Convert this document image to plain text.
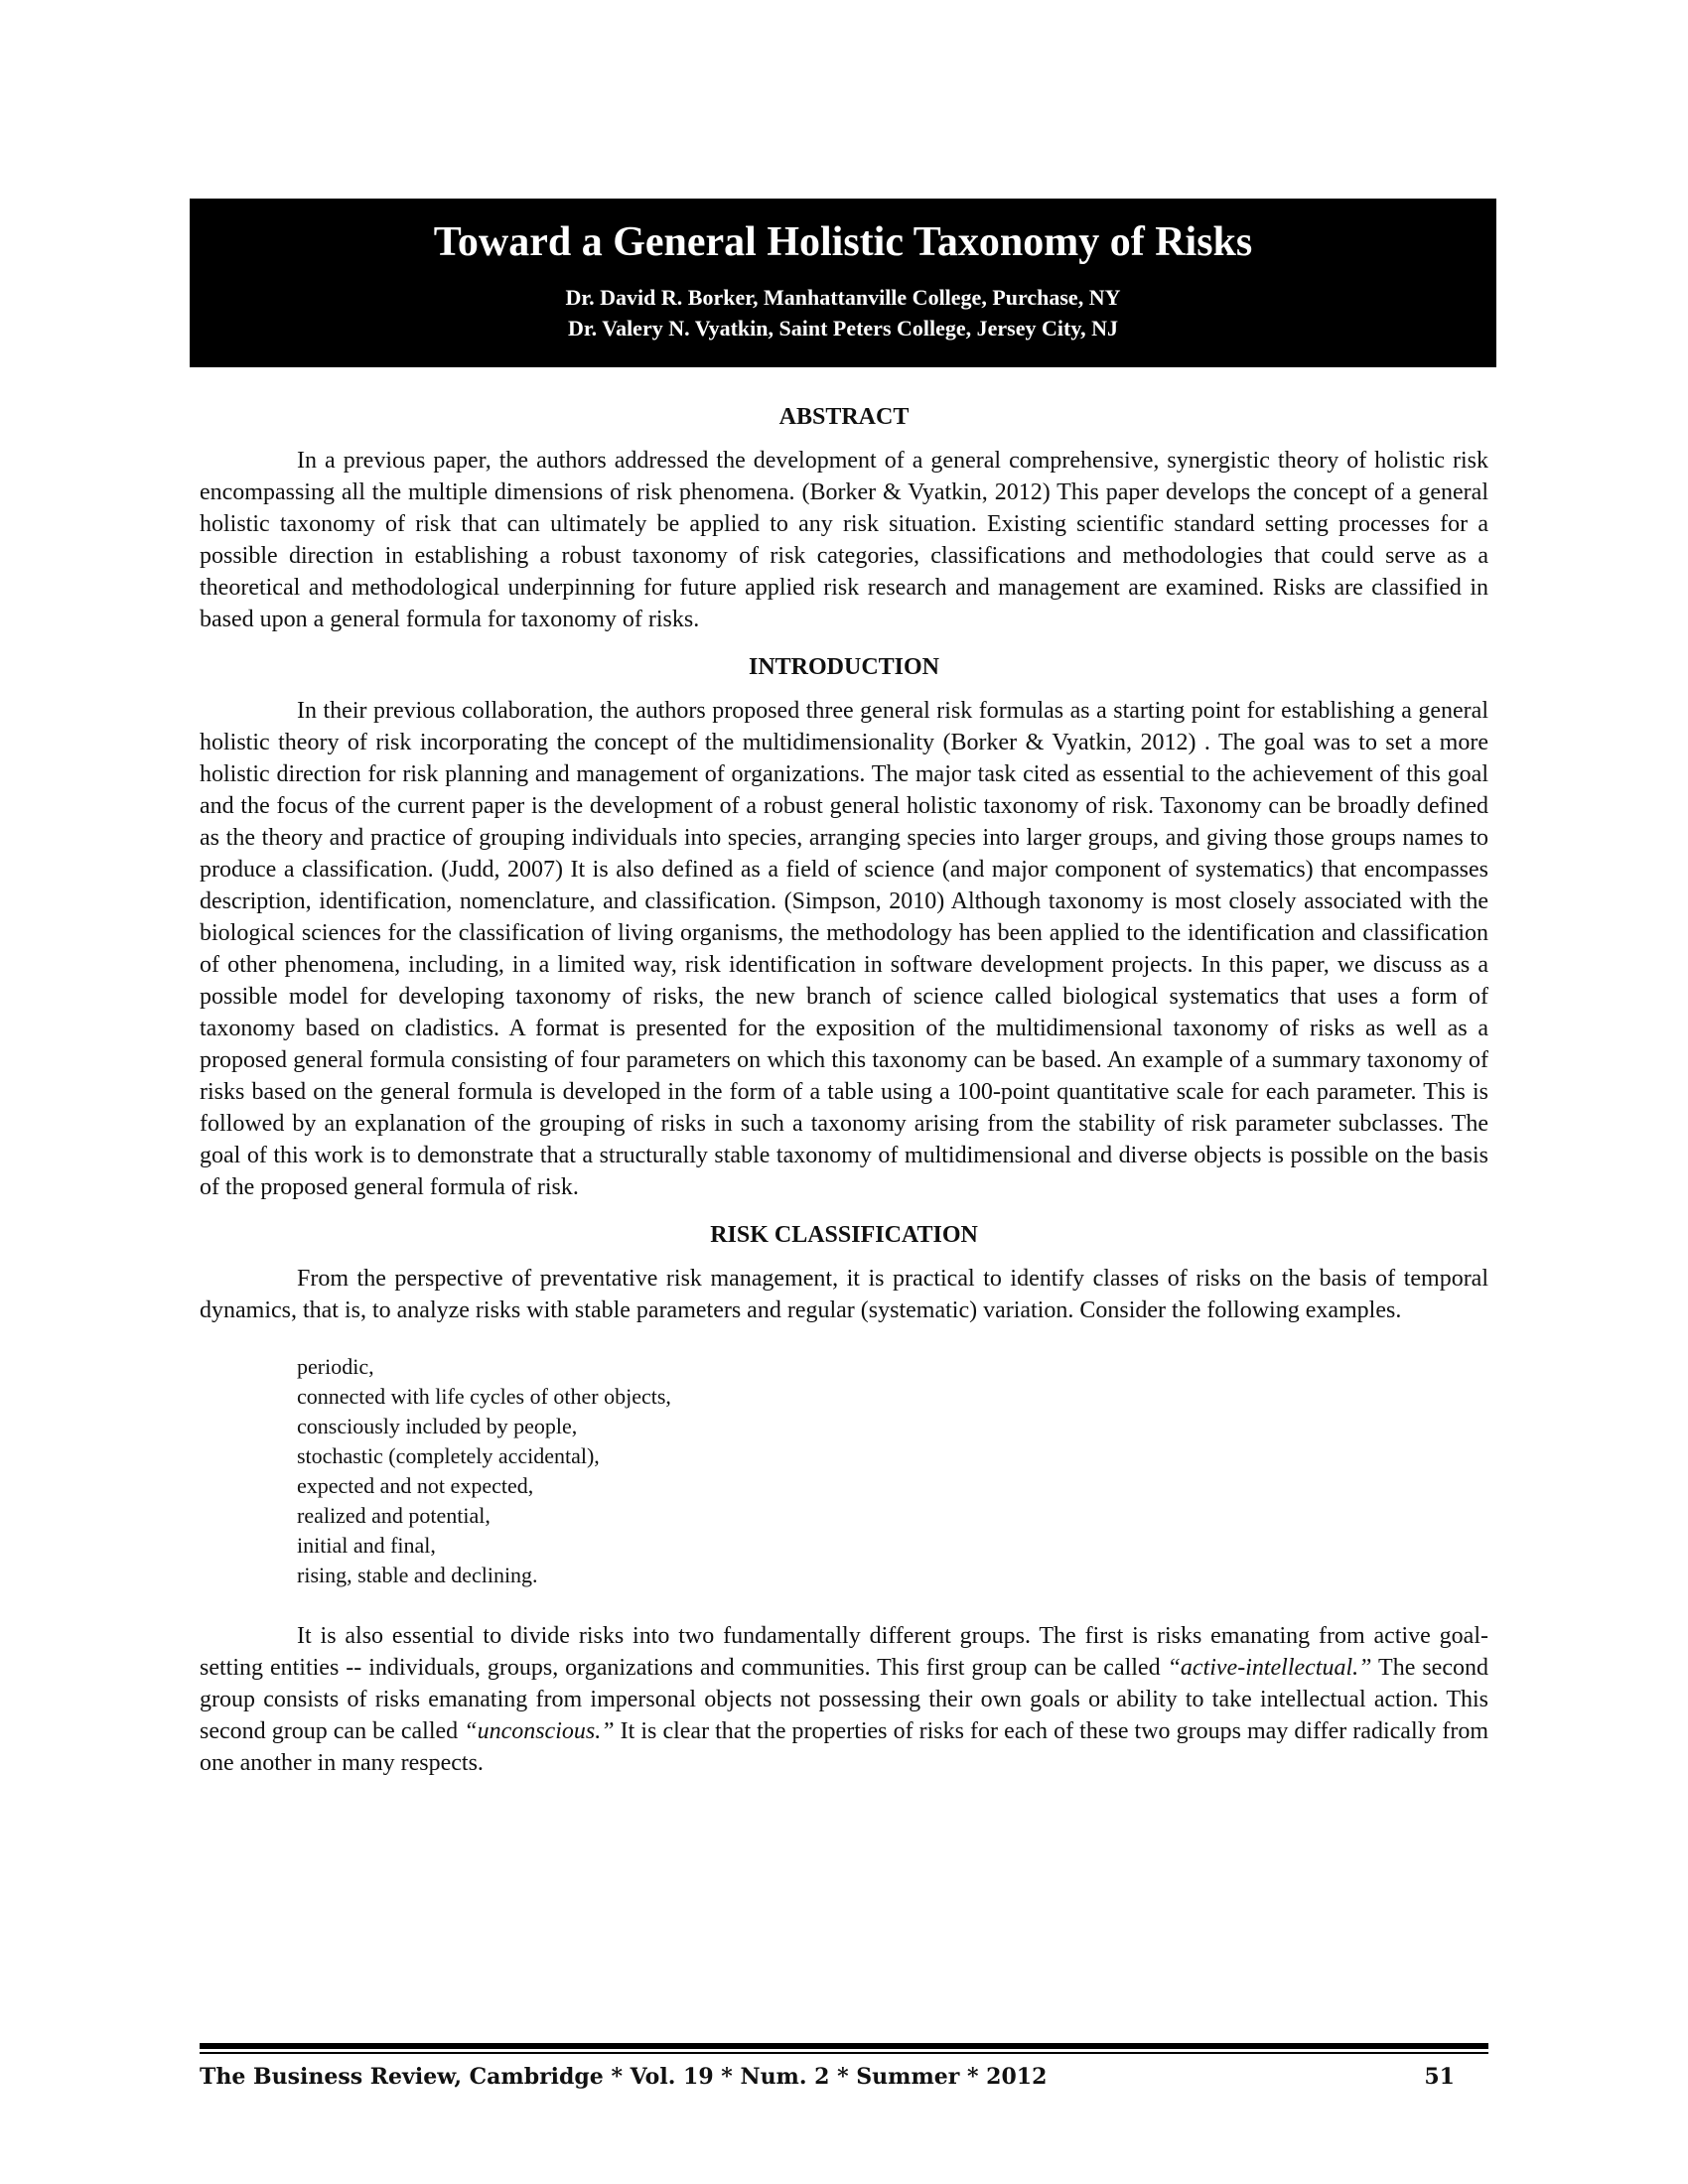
Toward a General Holistic Taxonomy of Risks

Dr. David R. Borker, Manhattanville College, Purchase, NY

Dr. Valery N. Vyatkin, Saint Peters College, Jersey City, NJ

ABSTRACT

In a previous paper, the authors addressed the development of a general comprehensive, synergistic theory of holistic risk encompassing all the multiple dimensions of risk phenomena. (Borker & Vyatkin, 2012) This paper develops the concept of a general holistic taxonomy of risk that can ultimately be applied to any risk situation. Existing scientific standard setting processes for a possible direction in establishing a robust taxonomy of risk categories, classifications and methodologies that could serve as a theoretical and methodological underpinning for future applied risk research and management are examined. Risks are classified in based upon a general formula for taxonomy of risks.

INTRODUCTION

In their previous collaboration, the authors proposed three general risk formulas as a starting point for establishing a general holistic theory of risk incorporating the concept of the multidimensionality (Borker & Vyatkin, 2012) . The goal was to set a more holistic direction for risk planning and management of organizations. The major task cited as essential to the achievement of this goal and the focus of the current paper is the development of a robust general holistic taxonomy of risk. Taxonomy can be broadly defined as the theory and practice of grouping individuals into species, arranging species into larger groups, and giving those groups names to produce a classification. (Judd, 2007) It is also defined as a field of science (and major component of systematics) that encompasses description, identification, nomenclature, and classification. (Simpson, 2010) Although taxonomy is most closely associated with the biological sciences for the classification of living organisms, the methodology has been applied to the identification and classification of other phenomena, including, in a limited way, risk identification in software development projects. In this paper, we discuss as a possible model for developing taxonomy of risks, the new branch of science called biological systematics that uses a form of taxonomy based on cladistics. A format is presented for the exposition of the multidimensional taxonomy of risks as well as a proposed general formula consisting of four parameters on which this taxonomy can be based. An example of a summary taxonomy of risks based on the general formula is developed in the form of a table using a 100-point quantitative scale for each parameter. This is followed by an explanation of the grouping of risks in such a taxonomy arising from the stability of risk parameter subclasses. The goal of this work is to demonstrate that a structurally stable taxonomy of multidimensional and diverse objects is possible on the basis of the proposed general formula of risk.

RISK CLASSIFICATION

From the perspective of preventative risk management, it is practical to identify classes of risks on the basis of temporal dynamics, that is, to analyze risks with stable parameters and regular (systematic) variation. Consider the following examples.

periodic,
connected with life cycles of other objects,
consciously included by people,
stochastic (completely accidental),
expected and not expected,
realized and potential,
initial and final,
rising, stable and declining.

It is also essential to divide risks into two fundamentally different groups. The first is risks emanating from active goal-setting entities -- individuals, groups, organizations and communities. This first group can be called “active-intellectual.” The second group consists of risks emanating from impersonal objects not possessing their own goals or ability to take intellectual action. This second group can be called “unconscious.” It is clear that the properties of risks for each of these two groups may differ radically from one another in many respects.

The Business Review, Cambridge * Vol. 19 * Num. 2 * Summer * 2012	51
